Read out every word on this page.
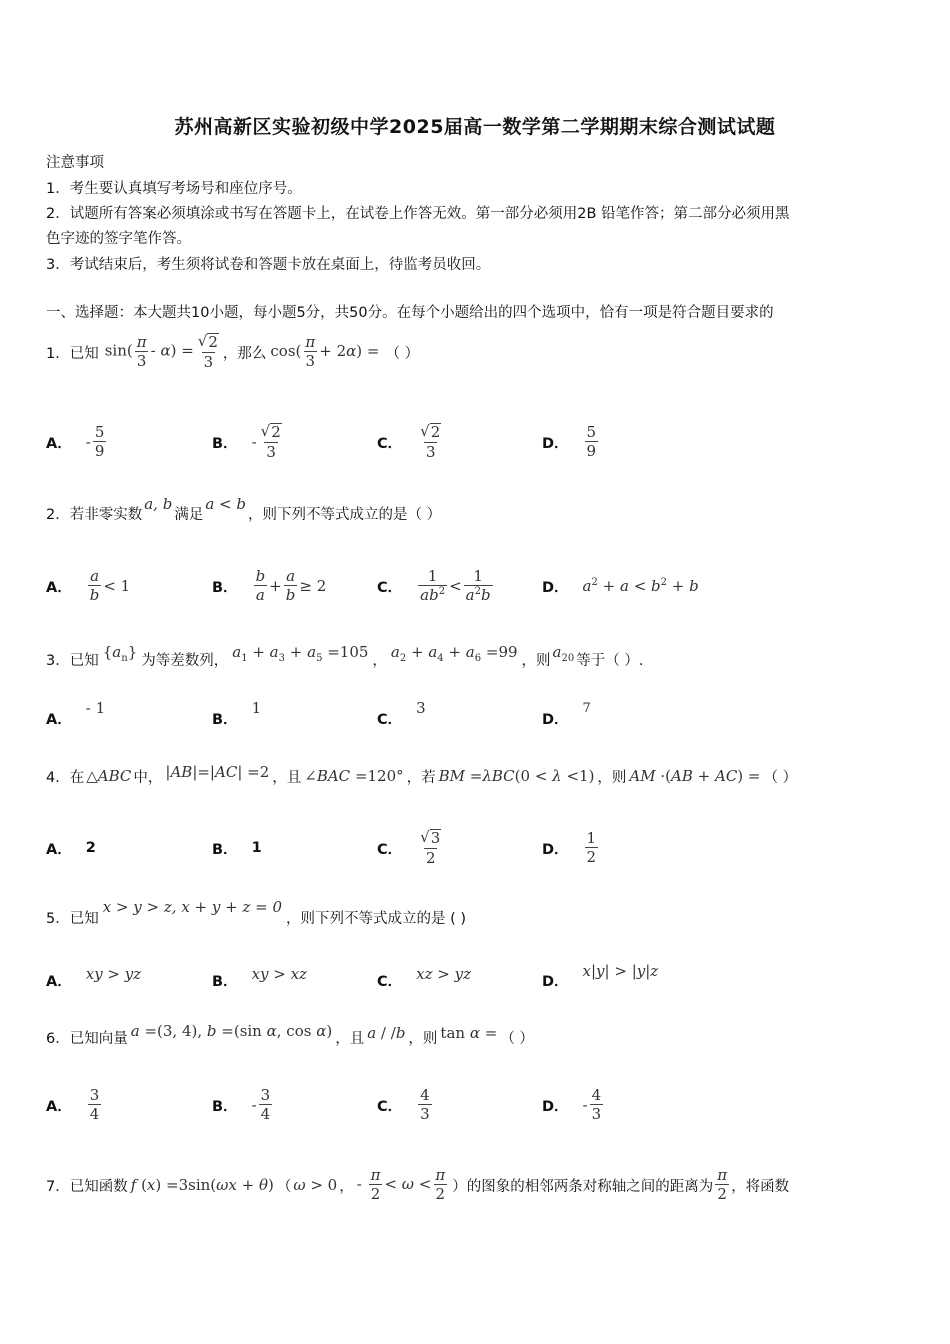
苏州高新区实验初级中学2025届高一数学第二学期期末综合测试试题
注意事项
1．考生要认真填写考场号和座位序号。
2．试题所有答案必须填涂或书写在答题卡上，在试卷上作答无效。第一部分必须用2B 铅笔作答；第二部分必须用黑
色字迹的签字笔作答。
3．考试结束后，考生须将试卷和答题卡放在桌面上，待监考员收回。
一、选择题：本大题共10小题，每小题5分，共50分。在每个小题给出的四个选项中，恰有一项是符合题目要求的
1．已知 $\sin( \frac{\pi}{3} - \alpha) = \frac{√ 2}{3}$ ，那么 $\cos( \frac{\pi}{3} + 2\alpha)$ = （ ）
A． - $\frac{5}{9}$	B． - $\frac{√ 2}{3}$	C． $\frac{√ 2}{3}$	D． $\frac{5}{9}$
2．若非零实数
a, b
满足
a < b
，则下列不等式成立的是（ ）
A． $\frac{a}{b} < 1$	B． $\frac{b}{a} + \frac{a}{b} \ge 2$	C． $\frac{1}{ab^2} < \frac{1}{a^2b}$	D． $a^2 + a < b^2 + b$
3．已知 $\{a_n\}$ 为等差数列， $a_1 + a_3 + a_5 =105$ ， $a_2 + a_4 + a_6 =99$ ，则 $a_{20}$ 等于（ ）.
A．
- 1
B．
1
C．
3
D．
7
4．在 △ABC 中， |AB|=|AC| =2 ，且 ∠BAC =120° ，若 BM =λBC(0 < λ <1) ，则 AM ·(AB + AC) = （ ）
A． 2	B． 1	C． $\frac{√ 3}{2}$	D． $\frac{1}{2}$
5．已知
x > y > z, x + y + z = 0
，则下列不等式成立的是 ( )
A． xy > yz	B． xy > xz	C． xz > yz	D．
x|y| > |y|z
6．已知向量 a =(3, 4), b =(sin α, cos α) ，且 a / /b ，则 tan α = （ ）
A． $\frac{3}{4}$	B． - $\frac{3}{4}$	C． $\frac{4}{3}$	D． - $\frac{4}{3}$
7．已知函数 f (x) =3sin(ωx + θ) （ ω > 0 ， - $\frac{\pi}{2} < \omega < \frac{\pi}{2}$ ）的图象的相邻两条对称轴之间的距离为 $\frac{\pi}{2}$ ，将函数
